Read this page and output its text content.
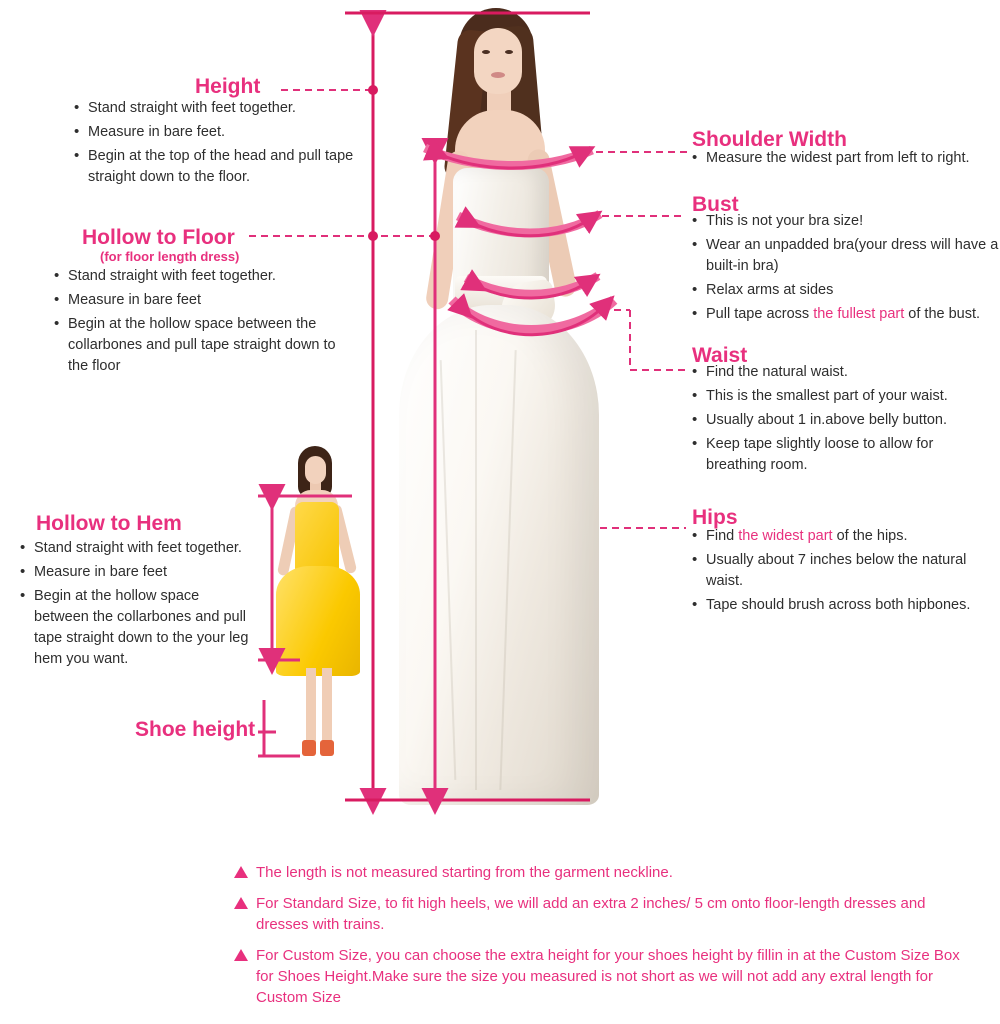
Height
• Stand straight with feet together.
• Measure in bare feet.
• Begin at the top of the head and pull tape straight down to the floor.
Hollow to Floor
(for floor length dress)
• Stand straight with feet together.
• Measure in bare feet
• Begin at the hollow space between the collarbones and pull tape straight down to the floor
Hollow to Hem
• Stand straight with feet together.
• Measure in bare feet
• Begin at the hollow space between the collarbones and pull tape straight down to the your leg hem you want.
Shoe height
Shoulder Width
• Measure the widest part from left to right.
Bust
• This is not your bra size!
• Wear an unpadded bra(your dress will have a built-in bra)
• Relax arms at sides
• Pull tape across the fullest part of the bust.
Waist
• Find the natural waist.
• This is the smallest part of your waist.
• Usually about 1 in.above belly button.
• Keep tape slightly loose to allow for breathing room.
Hips
• Find the widest part of the hips.
• Usually about 7 inches below the natural waist.
• Tape should brush across both hipbones.
The length is not measured starting from the garment neckline.
For Standard Size, to fit high heels, we will add an extra 2 inches/ 5 cm onto floor-length dresses and dresses with trains.
For Custom Size, you can choose the extra height for your shoes height by fillin in at the Custom Size Box for Shoes Height.Make sure the size you measured is not short as we will not add any extral length for Custom Size
